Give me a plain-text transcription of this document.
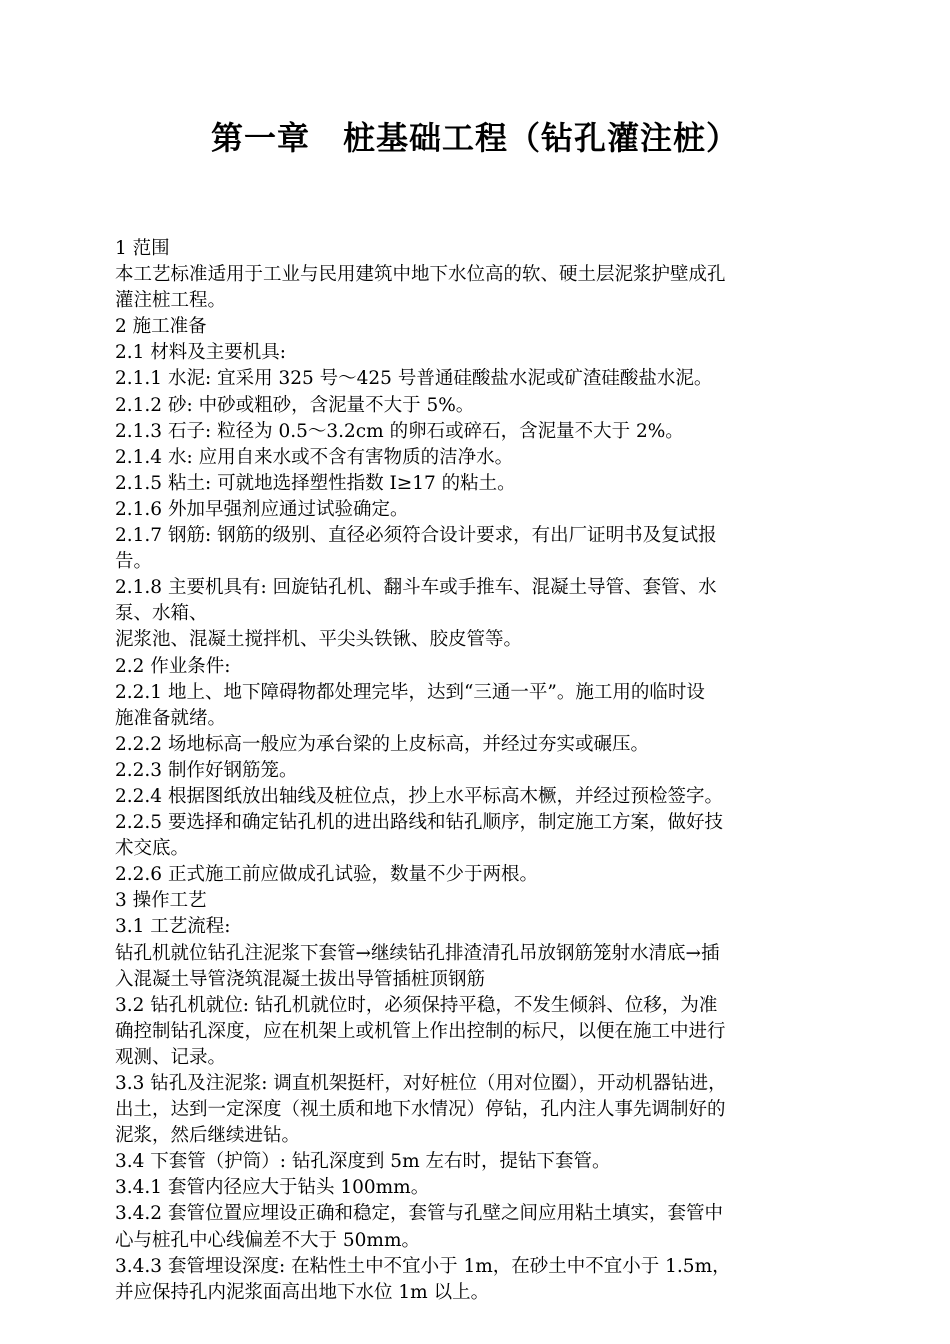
第一章　桩基础工程（钻孔灌注桩）
1 范围
本工艺标准适用于工业与民用建筑中地下水位高的软、硬土层泥浆护壁成孔
灌注桩工程。
2 施工准备
2.1 材料及主要机具:
2.1.1 水泥: 宜采用 325 号～425 号普通硅酸盐水泥或矿渣硅酸盐水泥。
2.1.2 砂: 中砂或粗砂，含泥量不大于 5%。
2.1.3 石子: 粒径为 0.5～3.2cm 的卵石或碎石，含泥量不大于 2%。
2.1.4 水: 应用自来水或不含有害物质的洁净水。
2.1.5 粘土: 可就地选择塑性指数 I≥17 的粘土。
2.1.6 外加早强剂应通过试验确定。
2.1.7 钢筋: 钢筋的级别、直径必须符合设计要求，有出厂证明书及复试报
告。
2.1.8 主要机具有: 回旋钻孔机、翻斗车或手推车、混凝土导管、套管、水
泵、水箱、
泥浆池、混凝土搅拌机、平尖头铁锹、胶皮管等。
2.2 作业条件:
2.2.1 地上、地下障碍物都处理完毕，达到“三通一平”。施工用的临时设
施准备就绪。
2.2.2 场地标高一般应为承台梁的上皮标高，并经过夯实或碾压。
2.2.3 制作好钢筋笼。
2.2.4 根据图纸放出轴线及桩位点，抄上水平标高木橛，并经过预检签字。
2.2.5 要选择和确定钻孔机的进出路线和钻孔顺序，制定施工方案，做好技
术交底。
2.2.6 正式施工前应做成孔试验，数量不少于两根。
3 操作工艺
3.1 工艺流程:
钻孔机就位钻孔注泥浆下套管→继续钻孔排渣清孔吊放钢筋笼射水清底→插
入混凝土导管浇筑混凝土拔出导管插桩顶钢筋
3.2 钻孔机就位: 钻孔机就位时，必须保持平稳，不发生倾斜、位移，为准
确控制钻孔深度，应在机架上或机管上作出控制的标尺，以便在施工中进行
观测、记录。
3.3 钻孔及注泥浆: 调直机架挺杆，对好桩位（用对位圈），开动机器钻进，
出土，达到一定深度（视土质和地下水情况）停钻，孔内注人事先调制好的
泥浆，然后继续进钻。
3.4 下套管（护筒）: 钻孔深度到 5m 左右时，提钻下套管。
3.4.1 套管内径应大于钻头 100mm。
3.4.2 套管位置应埋设正确和稳定，套管与孔壁之间应用粘土填实，套管中
心与桩孔中心线偏差不大于 50mm。
3.4.3 套管埋设深度: 在粘性土中不宜小于 1m，在砂土中不宜小于 1.5m，
并应保持孔内泥浆面高出地下水位 1m 以上。
